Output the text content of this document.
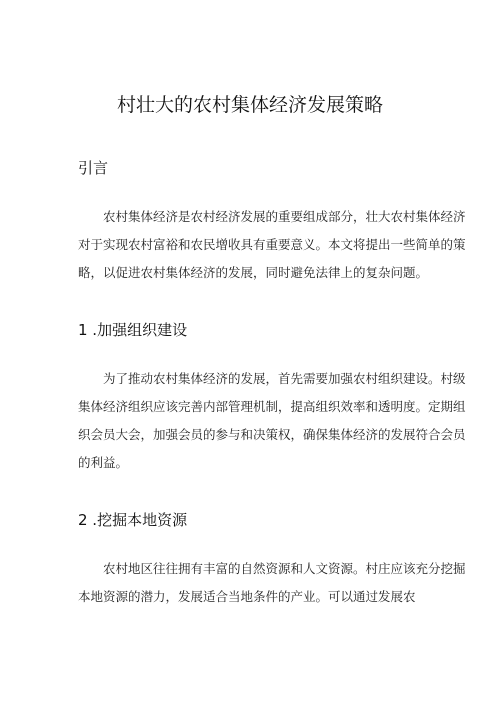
村壮大的农村集体经济发展策略
引言
农村集体经济是农村经济发展的重要组成部分，壮大农村集体经济
对于实现农村富裕和农民增收具有重要意义。本文将提出一些简单的策
略，以促进农村集体经济的发展，同时避免法律上的复杂问题。
1 .加强组织建设
为了推动农村集体经济的发展，首先需要加强农村组织建设。村级
集体经济组织应该完善内部管理机制，提高组织效率和透明度。定期组
织会员大会，加强会员的参与和决策权，确保集体经济的发展符合会员
的利益。
2 .挖掘本地资源
农村地区往往拥有丰富的自然资源和人文资源。村庄应该充分挖掘
本地资源的潜力，发展适合当地条件的产业。可以通过发展农
